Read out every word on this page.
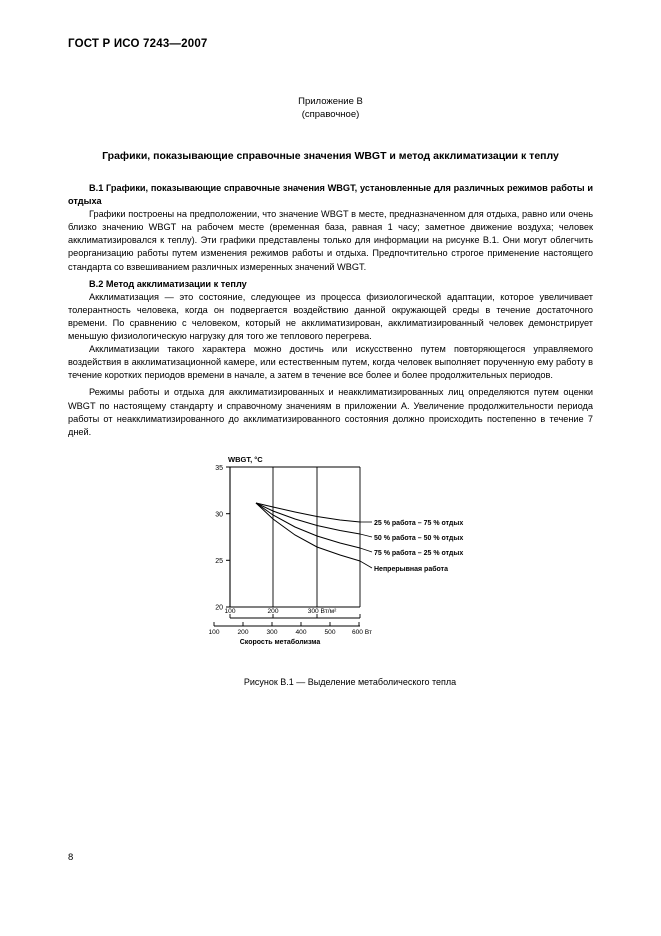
ГОСТ Р ИСО 7243—2007
Приложение В
(справочное)
Графики, показывающие справочные значения WBGT и метод акклиматизации к теплу

В.1 Графики, показывающие справочные значения WBGT, установленные для различных режимов работы и отдыха

Графики построены на предположении, что значение WBGT в месте, предназначенном для отдыха, равно или очень близко значению WBGT на рабочем месте (временная база, равная 1 часу; заметное движение воздуха; человек акклиматизировался к теплу). Эти графики представлены только для информации на рисунке В.1. Они могут облегчить реорганизацию работы путем изменения режимов работы и отдыха. Предпочтительно строгое применение настоящего стандарта со взвешиванием различных измеренных значений WBGT.

В.2 Метод акклиматизации к теплу

Акклиматизация — это состояние, следующее из процесса физиологической адаптации, которое увеличивает толерантность человека, когда он подвергается воздействию данной окружающей среды в течение достаточного времени. По сравнению с человеком, который не акклиматизирован, акклиматизированный человек демонстрирует меньшую физиологическую нагрузку для того же теплового перегрева.

Акклиматизации такого характера можно достичь или искусственно путем повторяющегося управляемого воздействия в акклиматизационной камере, или естественным путем, когда человек выполняет порученную ему работу в течение коротких периодов времени в начале, а затем в течение все более и более продолжительных периодов.

Режимы работы и отдыха для акклиматизированных и неакклиматизированных лиц определяются путем оценки WBGT по настоящему стандарту и справочному значениям в приложении А. Увеличение продолжительности периода работы от неакклиматизированного до акклиматизированного состояния должно происходить постепенно в течение 7 дней.

35
30
25
20
WBGT, °C
100	200	300 Вт/м²
100	200	300	400	500 600 Вт
Скорость метаболизма
25 % работа – 75 % отдых
50 % работа – 50 % отдых
75 % работа – 25 % отдых
Непрерывная работа
Рисунок В.1 — Выделение метаболического тепла
8
